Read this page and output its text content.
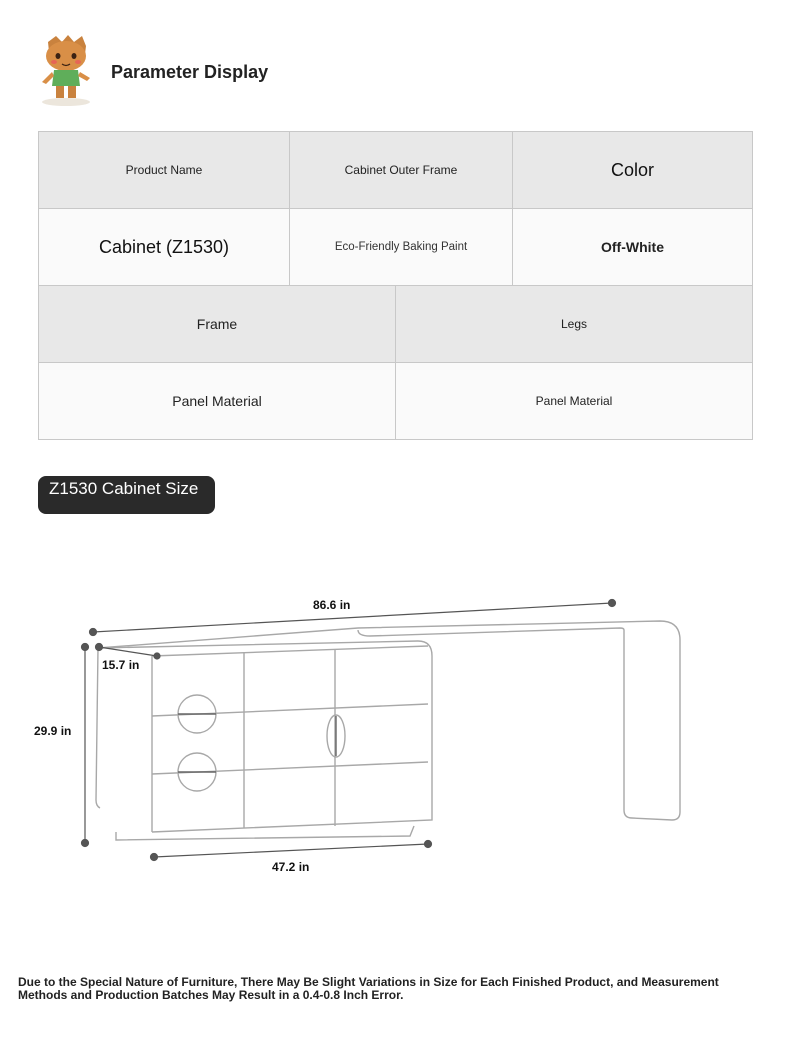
Parameter Display
Product Name	Cabinet Outer Frame		Color
Cabinet (Z1530)	Eco-Friendly Baking Paint		Off-White
Frame		Legs	
Panel Material		Panel Material	
Z1530 Cabinet Size
86.6 in
15.7 in
29.9 in
47.2 in
Due to the Special Nature of Furniture, There May Be Slight Variations in Size for Each Finished Product, and Measurement Methods and Production Batches May Result in a 0.4-0.8 Inch Error.
